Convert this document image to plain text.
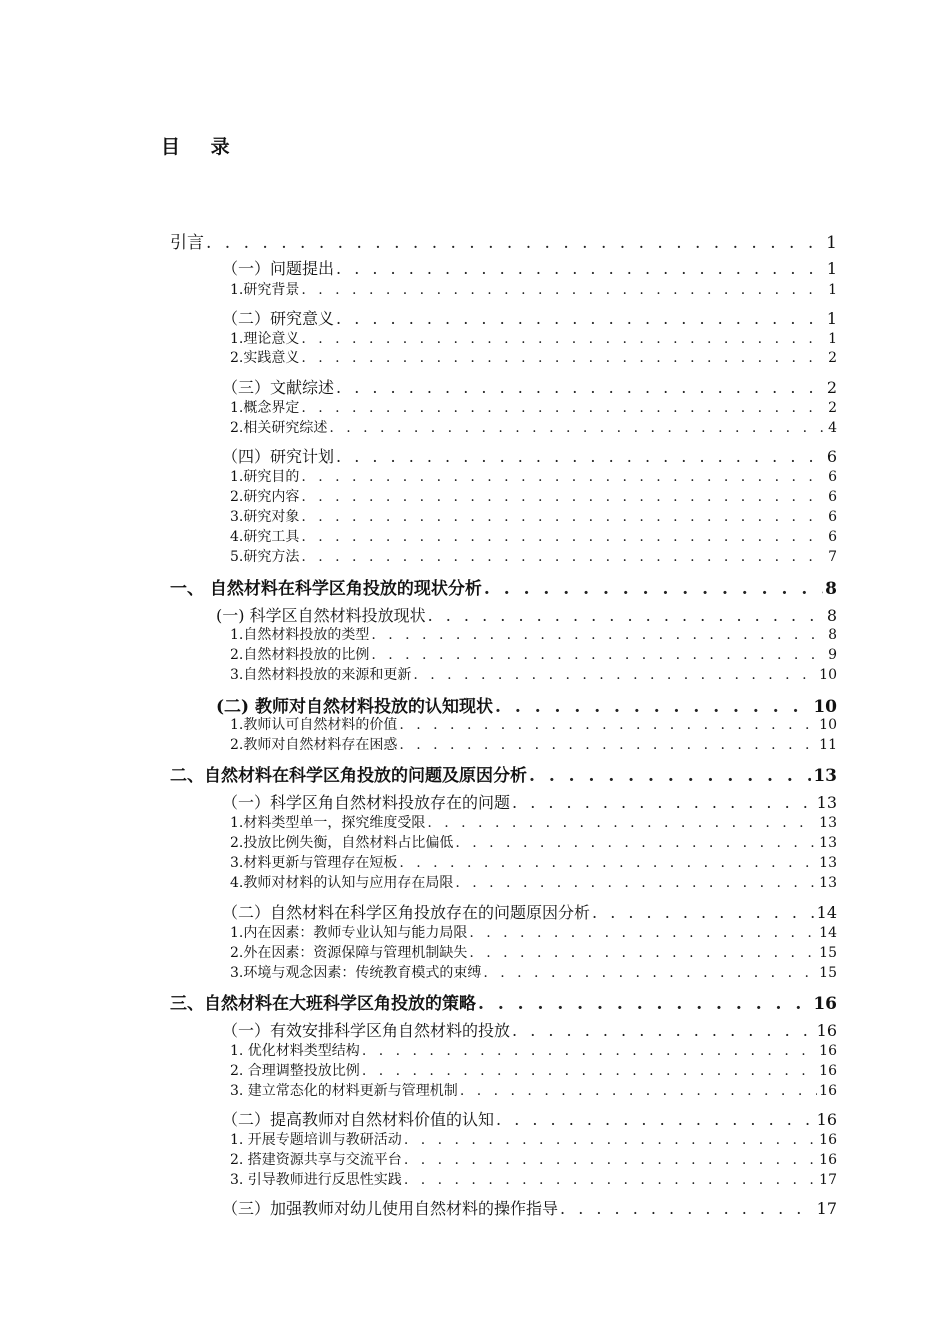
目 录
引言 . . .	1
（一）问题提出 . . .	1
1.研究背景 . . .	1
（二）研究意义 . . .	1
1.理论意义 . . .	1
2.实践意义 . . .	2
（三）文献综述 . . .	2
1.概念界定 . . .	2
2.相关研究综述 . . .	4
（四）研究计划 . . .	6
1.研究目的 . . .	6
2.研究内容 . . .	6
3.研究对象 . . .	6
4.研究工具 . . .	6
5.研究方法 . . .	7
一、 自然材料在科学区角投放的现状分析 . . .	8
(一) 科学区自然材料投放现状 . . .	8
1.自然材料投放的类型 . . .	8
2.自然材料投放的比例 . . .	9
3.自然材料投放的来源和更新 . . .	10
(二) 教师对自然材料投放的认知现状 . . .	10
1.教师认可自然材料的价值 . . .	10
2.教师对自然材料存在困惑 . . .	11
二、自然材料在科学区角投放的问题及原因分析 . . .	13
（一）科学区角自然材料投放存在的问题 . . .	13
1.材料类型单一，探究维度受限 . . .	13
2.投放比例失衡，自然材料占比偏低 . . .	13
3.材料更新与管理存在短板 . . .	13
4.教师对材料的认知与应用存在局限 . . .	13
（二）自然材料在科学区角投放存在的问题原因分析 . . .	14
1.内在因素：教师专业认知与能力局限 . . .	14
2.外在因素：资源保障与管理机制缺失 . . .	15
3.环境与观念因素：传统教育模式的束缚 . . .	15
三、自然材料在大班科学区角投放的策略 . . .	16
（一）有效安排科学区角自然材料的投放 . . .	16
1. 优化材料类型结构 . . .	16
2. 合理调整投放比例 . . .	16
3. 建立常态化的材料更新与管理机制 . . .	16
（二）提高教师对自然材料价值的认知 . . .	16
1. 开展专题培训与教研活动 . . .	16
2. 搭建资源共享与交流平台 . . .	16
3. 引导教师进行反思性实践 . . .	17
（三）加强教师对幼儿使用自然材料的操作指导 . . .	17
